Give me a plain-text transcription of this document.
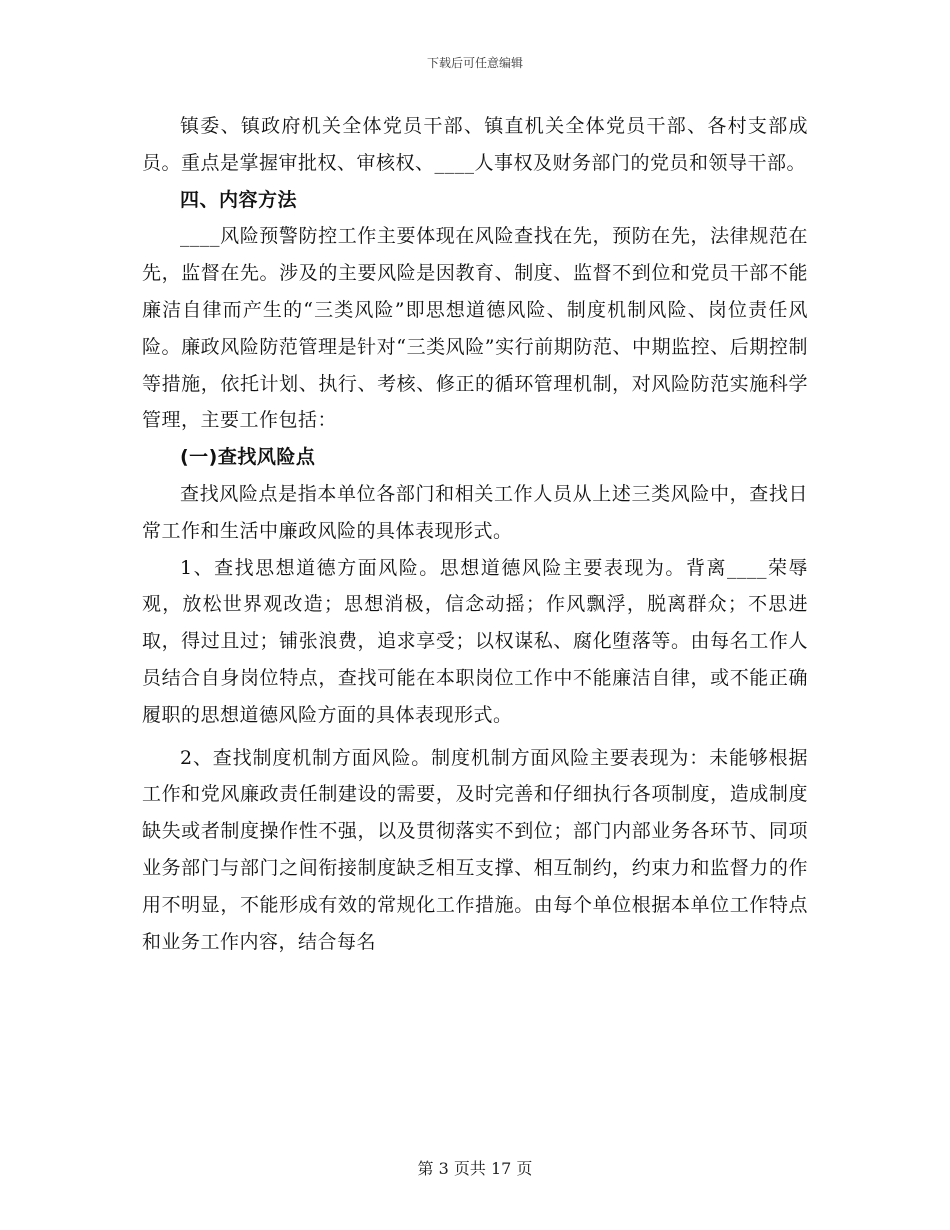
下载后可任意编辑

镇委、镇政府机关全体党员干部、镇直机关全体党员干部、各村支部成员。重点是掌握审批权、审核权、____人事权及财务部门的党员和领导干部。

四、内容方法

____风险预警防控工作主要体现在风险查找在先，预防在先，法律规范在先，监督在先。涉及的主要风险是因教育、制度、监督不到位和党员干部不能廉洁自律而产生的“三类风险”即思想道德风险、制度机制风险、岗位责任风险。廉政风险防范管理是针对“三类风险”实行前期防范、中期监控、后期控制等措施，依托计划、执行、考核、修正的循环管理机制，对风险防范实施科学管理，主要工作包括：

(一)查找风险点

查找风险点是指本单位各部门和相关工作人员从上述三类风险中，查找日常工作和生活中廉政风险的具体表现形式。

1、查找思想道德方面风险。思想道德风险主要表现为。背离____荣辱观，放松世界观改造；思想消极，信念动摇；作风飘浮，脱离群众；不思进取，得过且过；铺张浪费，追求享受；以权谋私、腐化堕落等。由每名工作人员结合自身岗位特点，查找可能在本职岗位工作中不能廉洁自律，或不能正确履职的思想道德风险方面的具体表现形式。

2、查找制度机制方面风险。制度机制方面风险主要表现为：未能够根据工作和党风廉政责任制建设的需要，及时完善和仔细执行各项制度，造成制度缺失或者制度操作性不强，以及贯彻落实不到位；部门内部业务各环节、同项业务部门与部门之间衔接制度缺乏相互支撑、相互制约，约束力和监督力的作用不明显，不能形成有效的常规化工作措施。由每个单位根据本单位工作特点和业务工作内容，结合每名

第 3 页共 17 页
